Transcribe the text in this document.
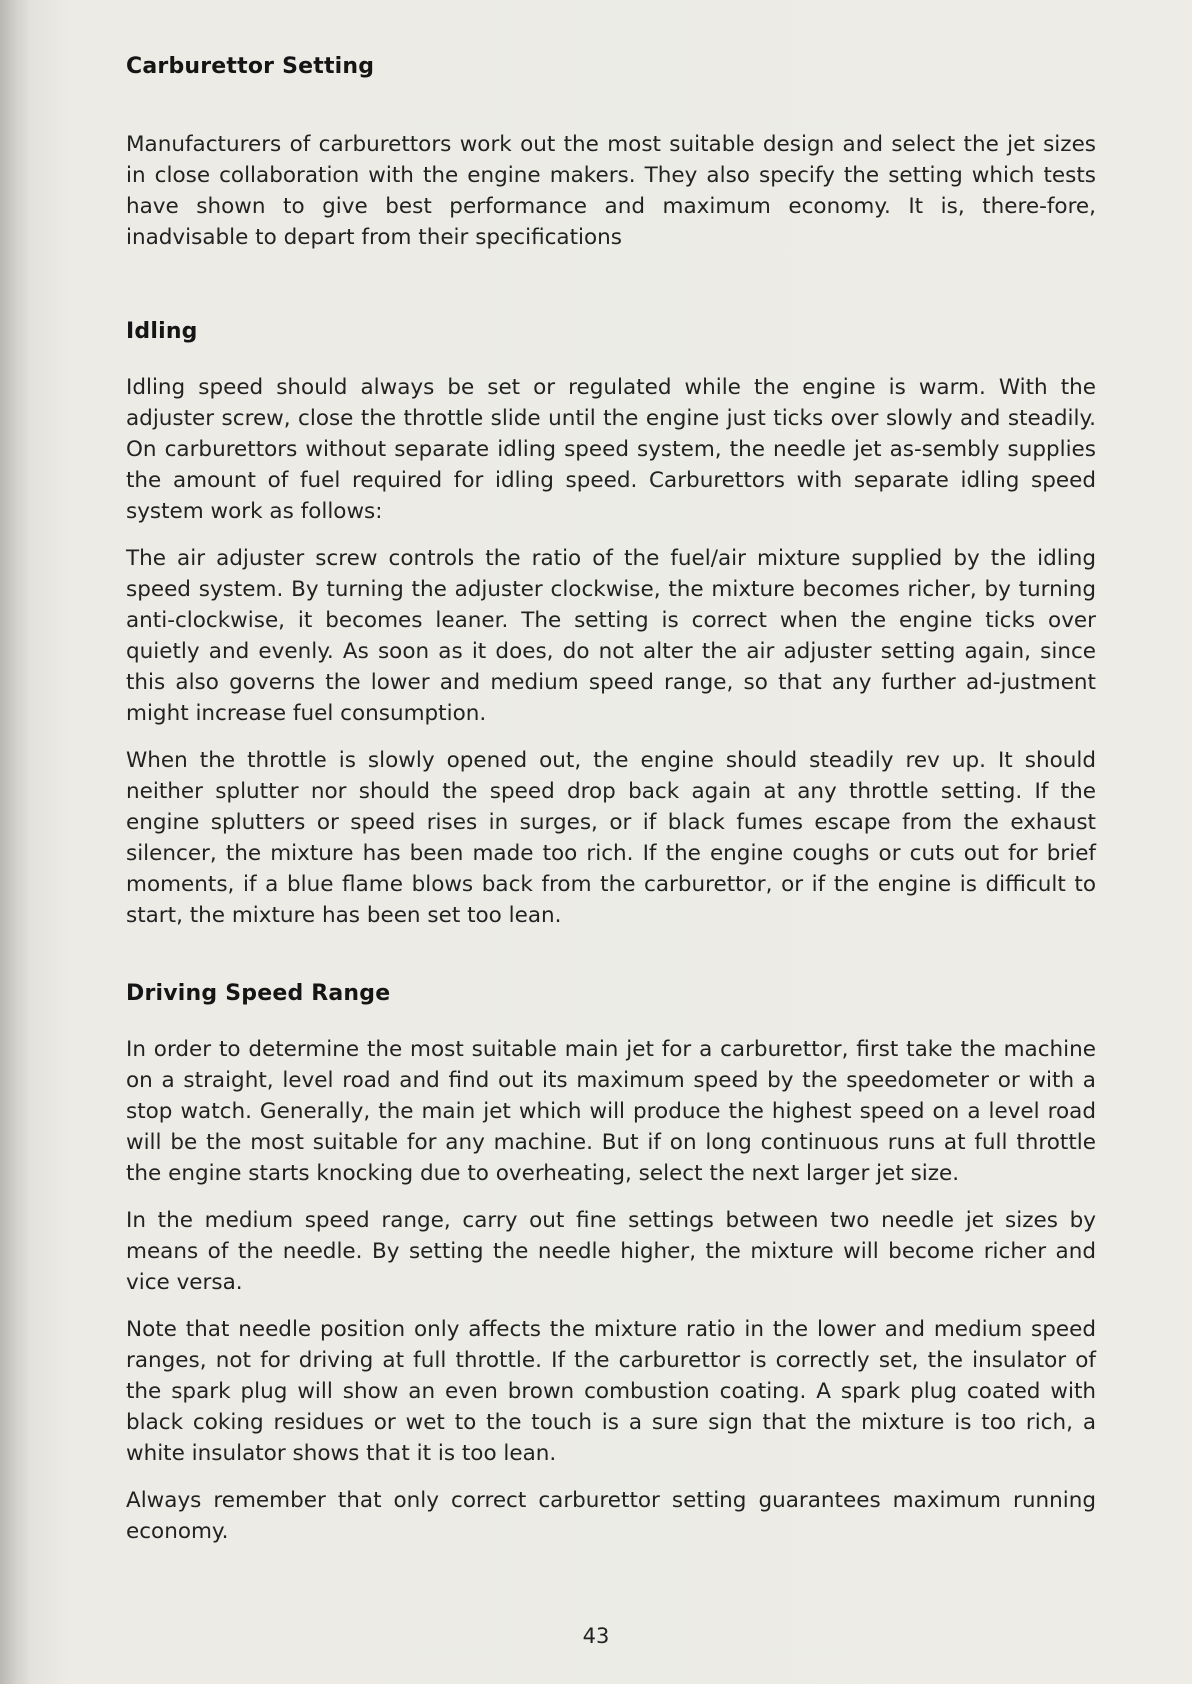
Carburettor Setting

Manufacturers of carburettors work out the most suitable design and select the jet sizes in close collaboration with the engine makers. They also specify the setting which tests have shown to give best performance and maximum economy. It is, there-fore, inadvisable to depart from their specifications

Idling

Idling speed should always be set or regulated while the engine is warm. With the adjuster screw, close the throttle slide until the engine just ticks over slowly and steadily. On carburettors without separate idling speed system, the needle jet as-sembly supplies the amount of fuel required for idling speed. Carburettors with separate idling speed system work as follows:

The air adjuster screw controls the ratio of the fuel/air mixture supplied by the idling speed system. By turning the adjuster clockwise, the mixture becomes richer, by turning anti-clockwise, it becomes leaner. The setting is correct when the engine ticks over quietly and evenly. As soon as it does, do not alter the air adjuster setting again, since this also governs the lower and medium speed range, so that any further ad-justment might increase fuel consumption.

When the throttle is slowly opened out, the engine should steadily rev up. It should neither splutter nor should the speed drop back again at any throttle setting. If the engine splutters or speed rises in surges, or if black fumes escape from the exhaust silencer, the mixture has been made too rich. If the engine coughs or cuts out for brief moments, if a blue flame blows back from the carburettor, or if the engine is difficult to start, the mixture has been set too lean.

Driving Speed Range

In order to determine the most suitable main jet for a carburettor, first take the machine on a straight, level road and find out its maximum speed by the speedometer or with a stop watch. Generally, the main jet which will produce the highest speed on a level road will be the most suitable for any machine. But if on long continuous runs at full throttle the engine starts knocking due to overheating, select the next larger jet size.

In the medium speed range, carry out fine settings between two needle jet sizes by means of the needle. By setting the needle higher, the mixture will become richer and vice versa.

Note that needle position only affects the mixture ratio in the lower and medium speed ranges, not for driving at full throttle. If the carburettor is correctly set, the insulator of the spark plug will show an even brown combustion coating. A spark plug coated with black coking residues or wet to the touch is a sure sign that the mixture is too rich, a white insulator shows that it is too lean.

Always remember that only correct carburettor setting guarantees maximum running economy.

43
